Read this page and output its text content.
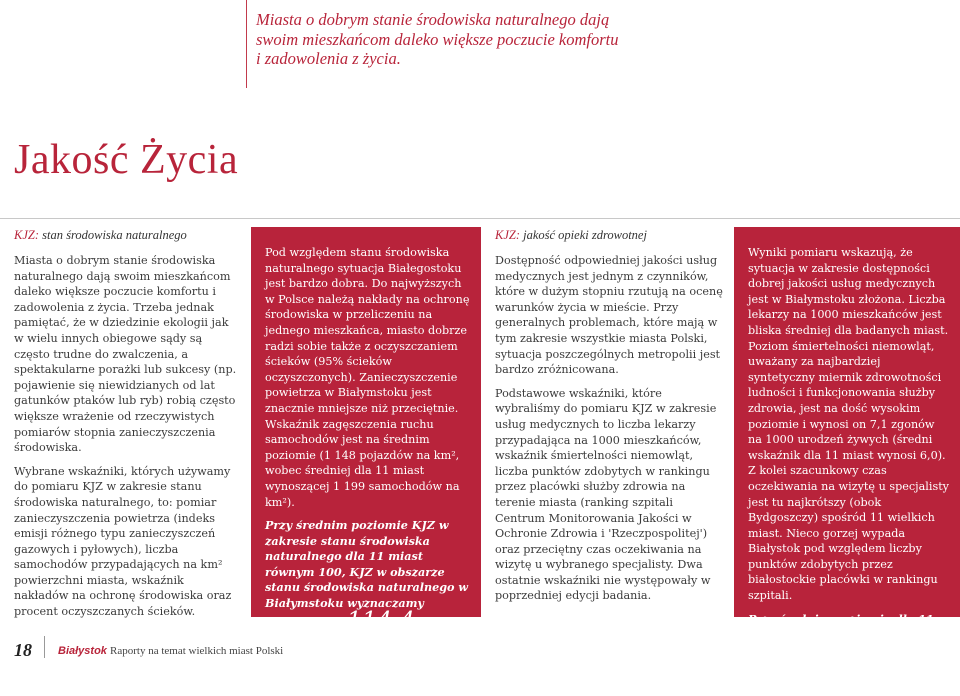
Miasta o dobrym stanie środowiska naturalnego dają
swoim mieszkańcom daleko większe poczucie komfortu
i zadowolenia z życia.
Jakość Życia
KJZ: stan środowiska naturalnego

Miasta o dobrym stanie środowiska naturalnego dają swoim mieszkańcom daleko większe poczucie komfortu i zadowolenia z życia. Trzeba jednak pamiętać, że w dziedzinie ekologii jak w wielu innych obiegowe sądy są często trudne do zwalczenia, a spektakularne porażki lub sukcesy (np. pojawienie się niewidzianych od lat gatunków ptaków lub ryb) robią często większe wrażenie od rzeczywistych pomiarów stopnia zanieczyszczenia środowiska.

Wybrane wskaźniki, których używamy do pomiaru KJZ w zakresie stanu środowiska naturalnego, to: pomiar zanieczyszczenia powietrza (indeks emisji różnego typu zanieczyszczeń gazowych i pyłowych), liczba samochodów przypadających na km² powierzchni miasta, wskaźnik nakładów na ochronę środowiska oraz procent oczyszczanych ścieków.

Pod względem stanu środowiska naturalnego sytuacja Białegostoku jest bardzo dobra. Do najwyższych w Polsce należą nakłady na ochronę środowiska w przeliczeniu na jednego mieszkańca, miasto dobrze radzi sobie także z oczyszczaniem ścieków (95% ścieków oczyszczonych). Zanieczyszczenie powietrza w Białymstoku jest znacznie mniejsze niż przeciętnie. Wskaźnik zagęszczenia ruchu samochodów jest na średnim poziomie (1 148 pojazdów na km², wobec średniej dla 11 miast wynoszącej 1 199 samochodów na km²).

Przy średnim poziomie KJZ w zakresie stanu środowiska naturalnego dla 11 miast równym 100, KJZ w obszarze stanu środowiska naturalnego w Białymstoku wyznaczamy

na poziomie 114,4.
KJZ: jakość opieki zdrowotnej

Dostępność odpowiedniej jakości usług medycznych jest jednym z czynników, które w dużym stopniu rzutują na ocenę warunków życia w mieście. Przy generalnych problemach, które mają w tym zakresie wszystkie miasta Polski, sytuacja poszczególnych metropolii jest bardzo zróżnicowana.

Podstawowe wskaźniki, które wybraliśmy do pomiaru KJZ w zakresie usług medycznych to liczba lekarzy przypadająca na 1000 mieszkańców, wskaźnik śmiertelności niemowląt, liczba punktów zdobytych w rankingu przez placówki służby zdrowia na terenie miasta (ranking szpitali Centrum Monitorowania Jakości w Ochronie Zdrowia i 'Rzeczpospolitej') oraz przeciętny czas oczekiwania na wizytę u wybranego specjalisty. Dwa ostatnie wskaźniki nie występowały w poprzedniej edycji badania.

Wyniki pomiaru wskazują, że sytuacja w zakresie dostępności dobrej jakości usług medycznych jest w Białymstoku złożona. Liczba lekarzy na 1000 mieszkańców jest bliska średniej dla badanych miast. Poziom śmiertelności niemowląt, uważany za najbardziej syntetyczny miernik zdrowotności ludności i funkcjonowania służby zdrowia, jest na dość wysokim poziomie i wynosi on 7,1 zgonów na 1000 urodzeń żywych (średni wskaźnik dla 11 miast wynosi 6,0). Z kolei szacunkowy czas oczekiwania na wizytę u specjalisty jest tu najkrótszy (obok Bydgoszczy) spośród 11 wielkich miast. Nieco gorzej wypada Białystok pod względem liczby punktów zdobytych przez białostockie placówki w rankingu szpitali.

Przy średnim poziomie dla 11 miast równym 100, KJZ w Białymstoku

w tym zakresie wynosi 111,3.
18 Białystok Raporty na temat wielkich miast Polski
